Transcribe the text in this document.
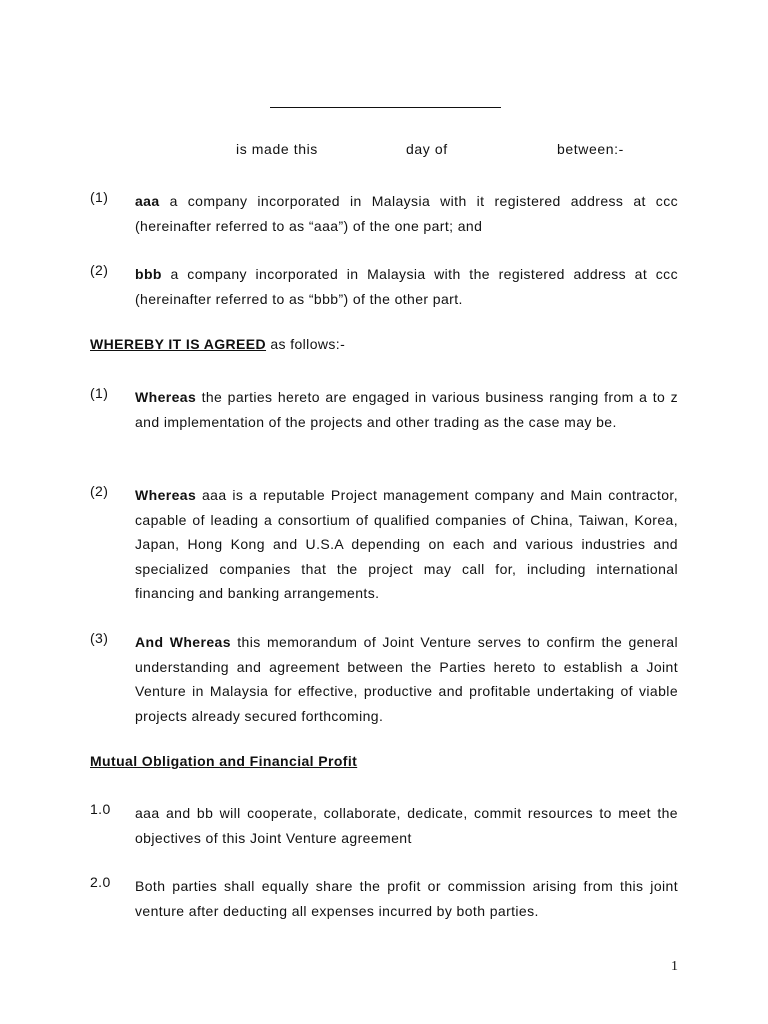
is made this	day of	between:-
(1)	aaa a company incorporated in Malaysia with it registered address at ccc (hereinafter referred to as “aaa”) of the one part; and
(2)	bbb a company incorporated in Malaysia with the registered address at ccc (hereinafter referred to as “bbb”) of the other part.
WHEREBY IT IS AGREED as follows:-
(1)	Whereas the parties hereto are engaged in various business ranging from a to z and implementation of the projects and other trading as the case may be.
(2)	Whereas aaa is a reputable Project management company and Main contractor, capable of leading a consortium of qualified companies of China, Taiwan, Korea, Japan, Hong Kong and U.S.A depending on each and various industries and specialized companies that the project may call for, including international financing and banking arrangements.
(3)	And Whereas this memorandum of Joint Venture serves to confirm the general understanding and agreement between the Parties hereto to establish a Joint Venture in Malaysia for effective, productive and profitable undertaking of viable projects already secured forthcoming.
Mutual Obligation and Financial Profit
1.0	aaa and bb will cooperate, collaborate, dedicate, commit resources to meet the objectives of this Joint Venture agreement
2.0	Both parties shall equally share the profit or commission arising from this joint venture after deducting all expenses incurred by both parties.
1
